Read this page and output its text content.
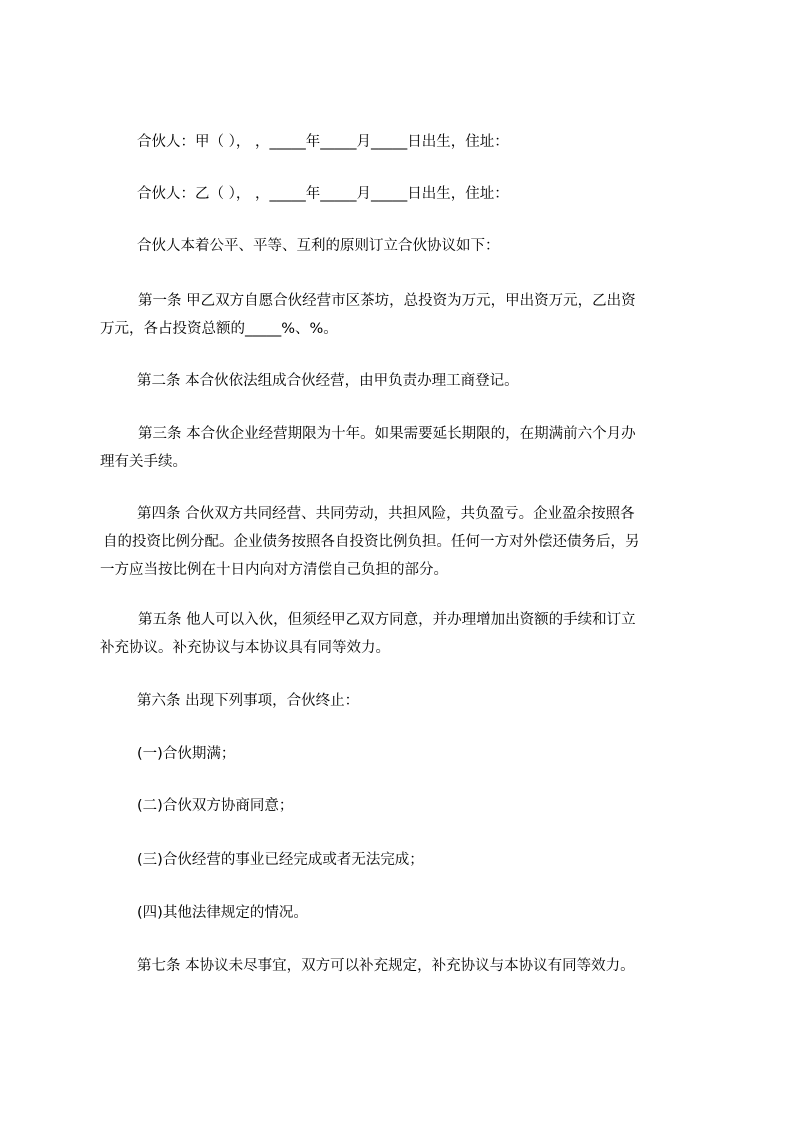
合伙人：甲（ ）， ，_____年_____月_____日出生，住址：

合伙人：乙（ ）， ，_____年_____月_____日出生，住址：

合伙人本着公平、平等、互利的原则订立合伙协议如下：

第一条 甲乙双方自愿合伙经营市区茶坊，总投资为万元，甲出资万元，乙出资
万元，各占投资总额的_____%、%。

第二条 本合伙依法组成合伙经营，由甲负责办理工商登记。

第三条 本合伙企业经营期限为十年。如果需要延长期限的，在期满前六个月办
理有关手续。

第四条 合伙双方共同经营、共同劳动，共担风险，共负盈亏。企业盈余按照各
自的投资比例分配。企业债务按照各自投资比例负担。任何一方对外偿还债务后，另
一方应当按比例在十日内向对方清偿自己负担的部分。

第五条 他人可以入伙，但须经甲乙双方同意，并办理增加出资额的手续和订立
补充协议。补充协议与本协议具有同等效力。

第六条 出现下列事项，合伙终止：

(一)合伙期满；

(二)合伙双方协商同意；

(三)合伙经营的事业已经完成或者无法完成；

(四)其他法律规定的情况。

第七条 本协议未尽事宜，双方可以补充规定，补充协议与本协议有同等效力。
